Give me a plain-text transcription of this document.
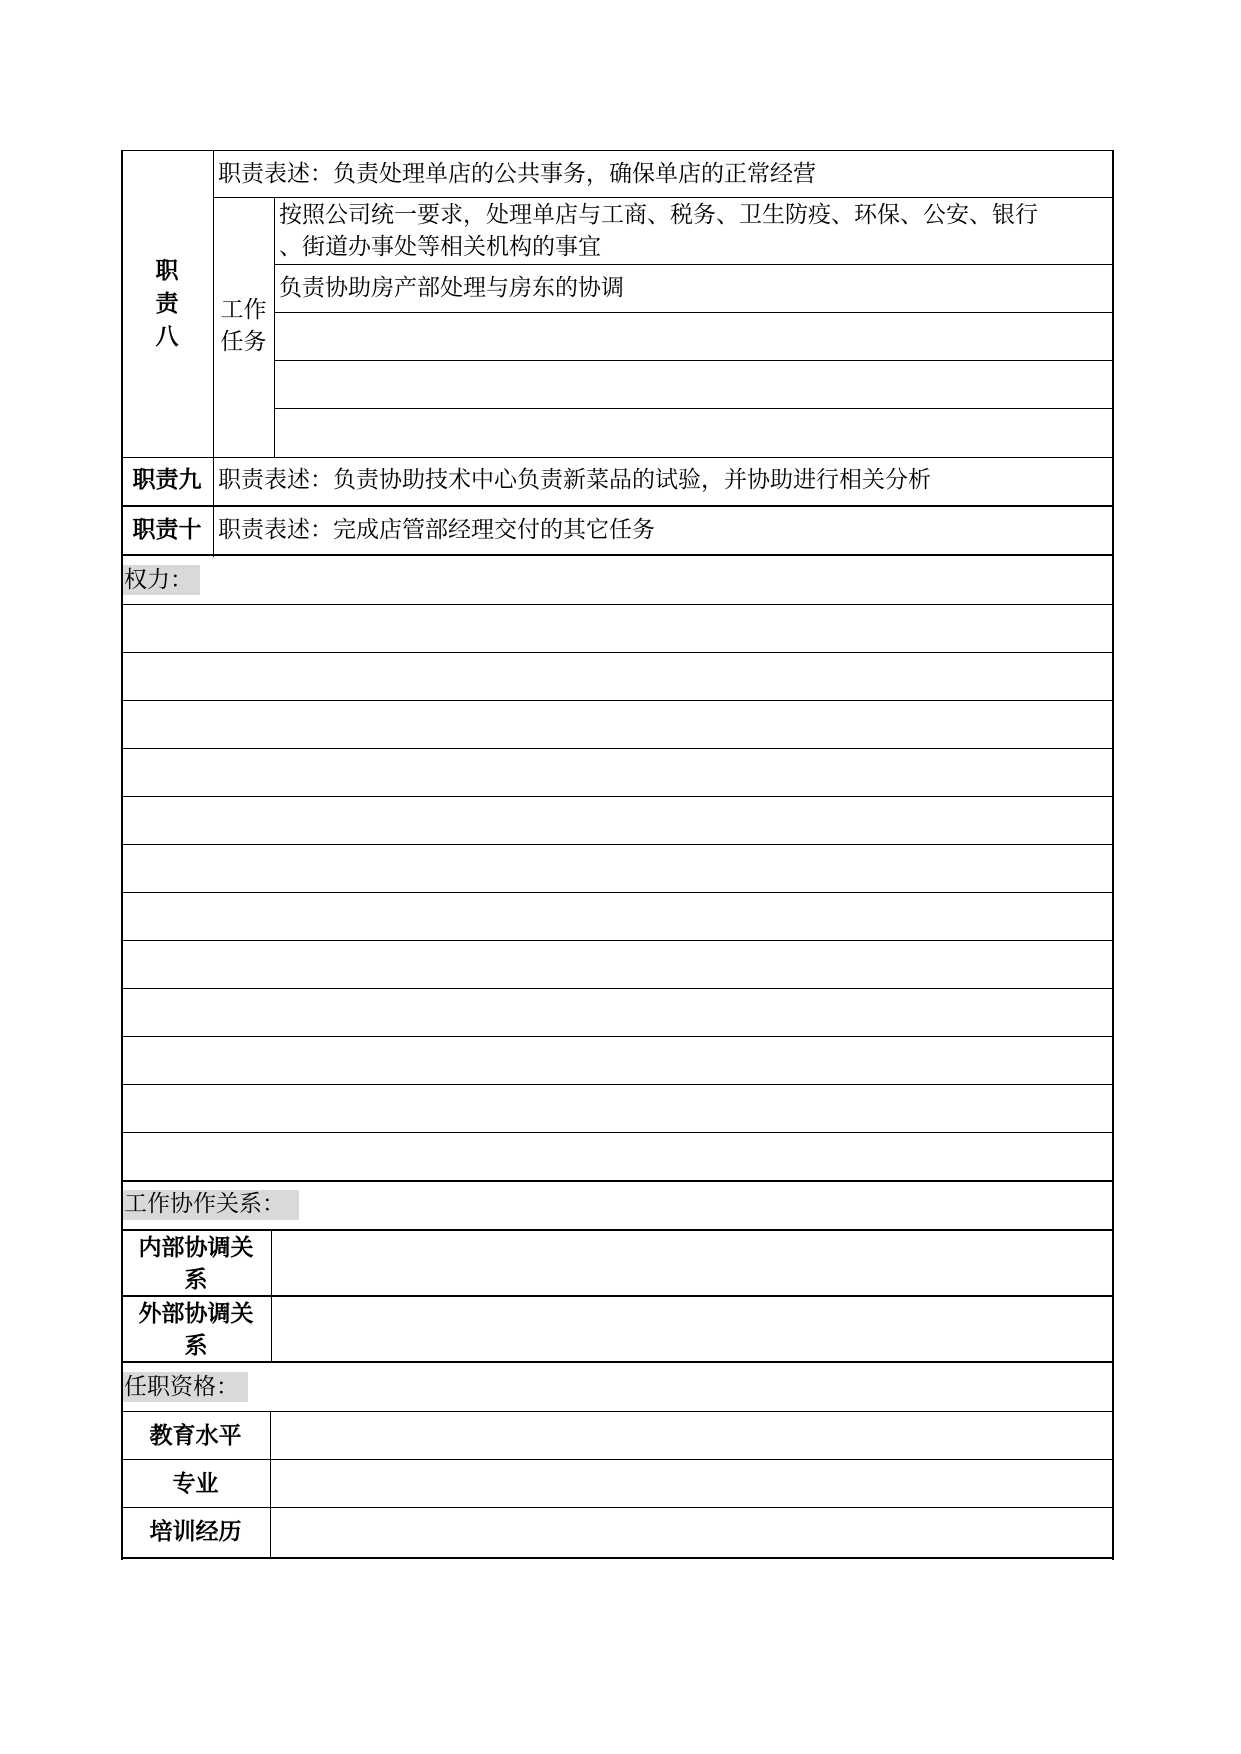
职
责
八
职责表述：负责处理单店的公共事务，确保单店的正常经营
工作
任务
按照公司统一要求，处理单店与工商、税务、卫生防疫、环保、公安、银行
、街道办事处等相关机构的事宜
负责协助房产部处理与房东的协调
职责九 职责表述：负责协助技术中心负责新菜品的试验，并协助进行相关分析
职责十 职责表述：完成店管部经理交付的其它任务
权力：
工作协作关系：
内部协调关
系
外部协调关
系
任职资格：
教育水平
专业
培训经历
